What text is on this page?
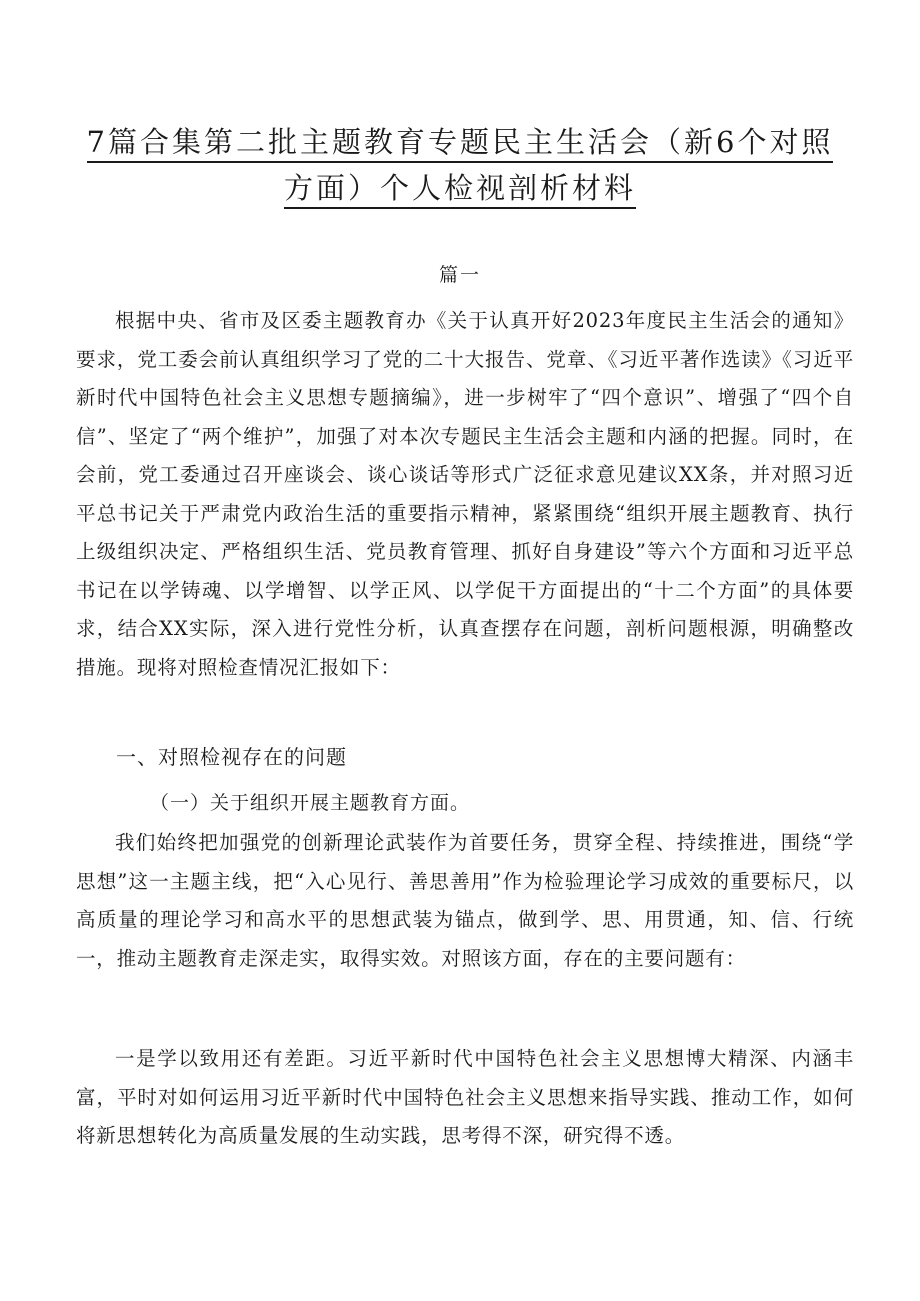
7篇合集第二批主题教育专题民主生活会（新6个对照
方面）个人检视剖析材料

篇一

根据中央、省市及区委主题教育办《关于认真开好2023年度民主生活会的通知》要求，党工委会前认真组织学习了党的二十大报告、党章、《习近平著作选读》《习近平新时代中国特色社会主义思想专题摘编》，进一步树牢了“四个意识”、增强了“四个自信”、坚定了“两个维护”，加强了对本次专题民主生活会主题和内涵的把握。同时，在会前，党工委通过召开座谈会、谈心谈话等形式广泛征求意见建议XX条，并对照习近平总书记关于严肃党内政治生活的重要指示精神，紧紧围绕“组织开展主题教育、执行上级组织决定、严格组织生活、党员教育管理、抓好自身建设”等六个方面和习近平总书记在以学铸魂、以学增智、以学正风、以学促干方面提出的“十二个方面”的具体要求，结合XX实际，深入进行党性分析，认真查摆存在问题，剖析问题根源，明确整改措施。现将对照检查情况汇报如下：

一、对照检视存在的问题
（一）关于组织开展主题教育方面。

我们始终把加强党的创新理论武装作为首要任务，贯穿全程、持续推进，围绕“学思想”这一主题主线，把“入心见行、善思善用”作为检验理论学习成效的重要标尺，以高质量的理论学习和高水平的思想武装为锚点，做到学、思、用贯通，知、信、行统一，推动主题教育走深走实，取得实效。对照该方面，存在的主要问题有：

一是学以致用还有差距。习近平新时代中国特色社会主义思想博大精深、内涵丰富，平时对如何运用习近平新时代中国特色社会主义思想来指导实践、推动工作，如何将新思想转化为高质量发展的生动实践，思考得不深，研究得不透。
